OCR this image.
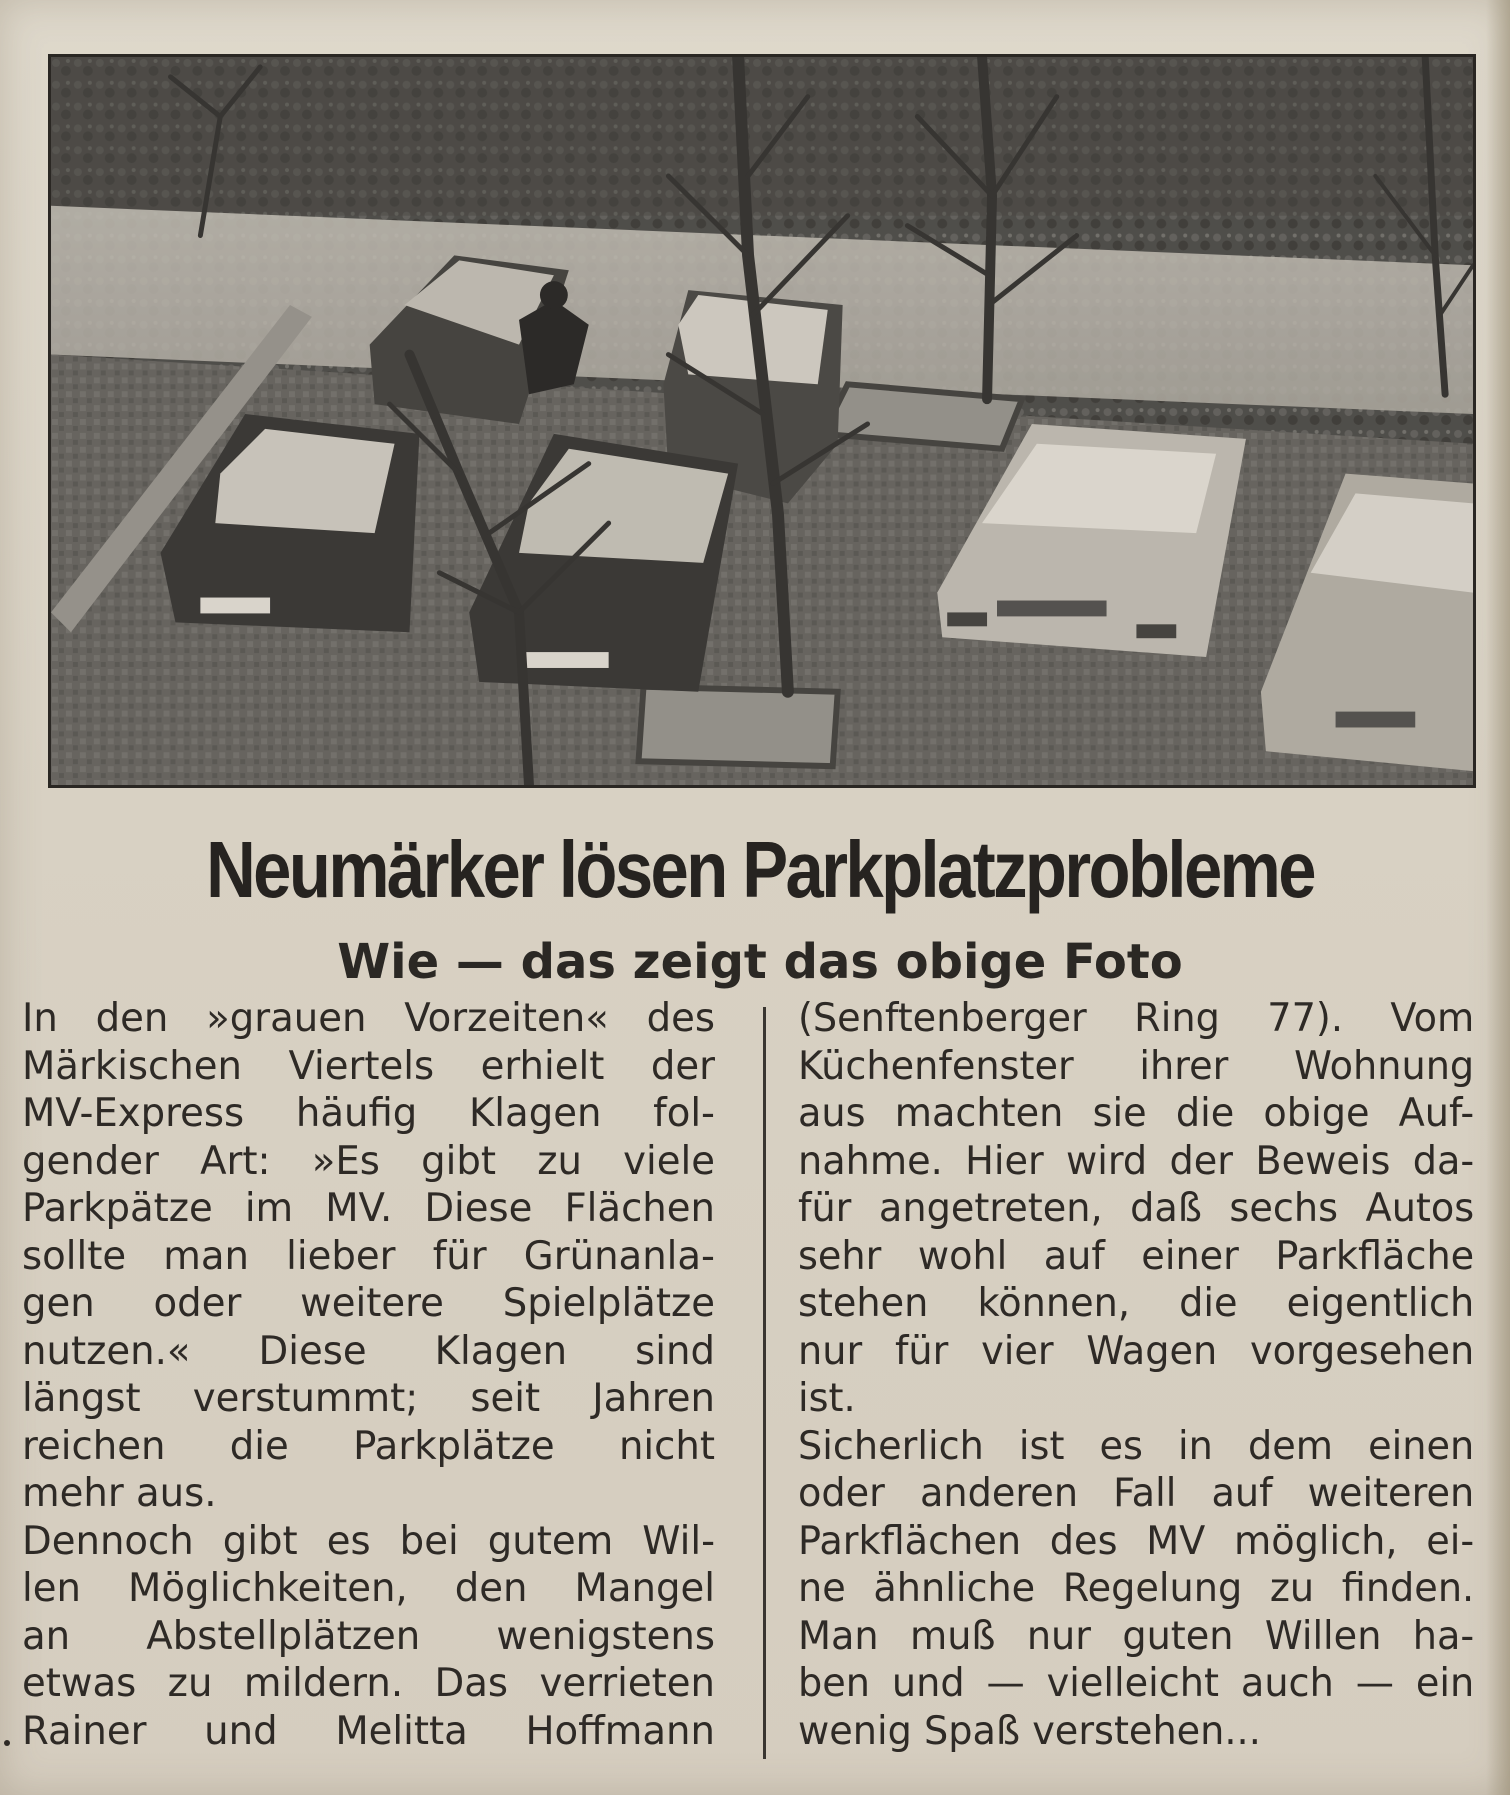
Neumärker lösen Parkplatzprobleme
Wie — das zeigt das obige Foto
In den »grauen Vorzeiten« des
Märkischen Viertels erhielt der
MV-Express häufig Klagen fol-
gender Art: »Es gibt zu viele
Parkpätze im MV. Diese Flächen
sollte man lieber für Grünanla-
gen oder weitere Spielplätze
nutzen.« Diese Klagen sind
längst verstummt; seit Jahren
reichen die Parkplätze nicht
mehr aus.
Dennoch gibt es bei gutem Wil-
len Möglichkeiten, den Mangel
an Abstellplätzen wenigstens
etwas zu mildern. Das verrieten
Rainer und Melitta Hoffmann
(Senftenberger Ring 77). Vom
Küchenfenster ihrer Wohnung
aus machten sie die obige Auf-
nahme. Hier wird der Beweis da-
für angetreten, daß sechs Autos
sehr wohl auf einer Parkfläche
stehen können, die eigentlich
nur für vier Wagen vorgesehen
ist.
Sicherlich ist es in dem einen
oder anderen Fall auf weiteren
Parkflächen des MV möglich, ei-
ne ähnliche Regelung zu finden.
Man muß nur guten Willen ha-
ben und — vielleicht auch — ein
wenig Spaß verstehen...
